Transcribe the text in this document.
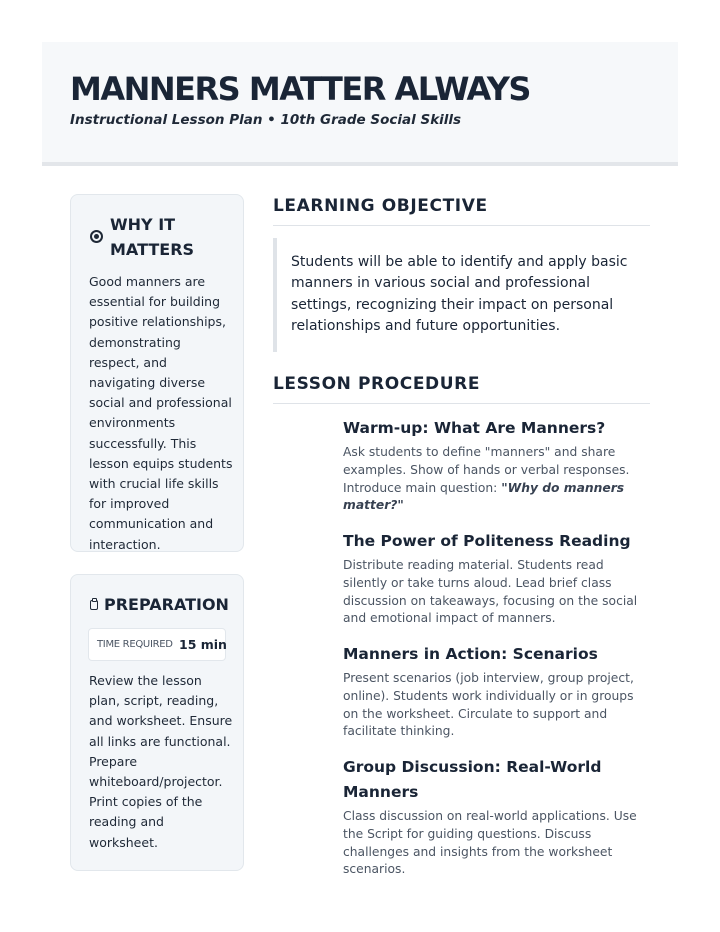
MANNERS MATTER ALWAYS
Instructional Lesson Plan • 10th Grade Social Skills
WHY IT MATTERS
Good manners are essential for building positive relationships, demonstrating respect, and navigating diverse social and professional environments successfully. This lesson equips students with crucial life skills for improved communication and interaction.
PREPARATION
TIME REQUIRED 15 min
Review the lesson plan, script, reading, and worksheet. Ensure all links are functional. Prepare whiteboard/projector. Print copies of the reading and worksheet.
LEARNING OBJECTIVE
Students will be able to identify and apply basic manners in various social and professional settings, recognizing their impact on personal relationships and future opportunities.
LESSON PROCEDURE
Warm-up: What Are Manners?
Ask students to define "manners" and share examples. Show of hands or verbal responses. Introduce main question: "Why do manners matter?"
The Power of Politeness Reading
Distribute reading material. Students read silently or take turns aloud. Lead brief class discussion on takeaways, focusing on the social and emotional impact of manners.
Manners in Action: Scenarios
Present scenarios (job interview, group project, online). Students work individually or in groups on the worksheet. Circulate to support and facilitate thinking.
Group Discussion: Real-World Manners
Class discussion on real-world applications. Use the Script for guiding questions. Discuss challenges and insights from the worksheet scenarios.
